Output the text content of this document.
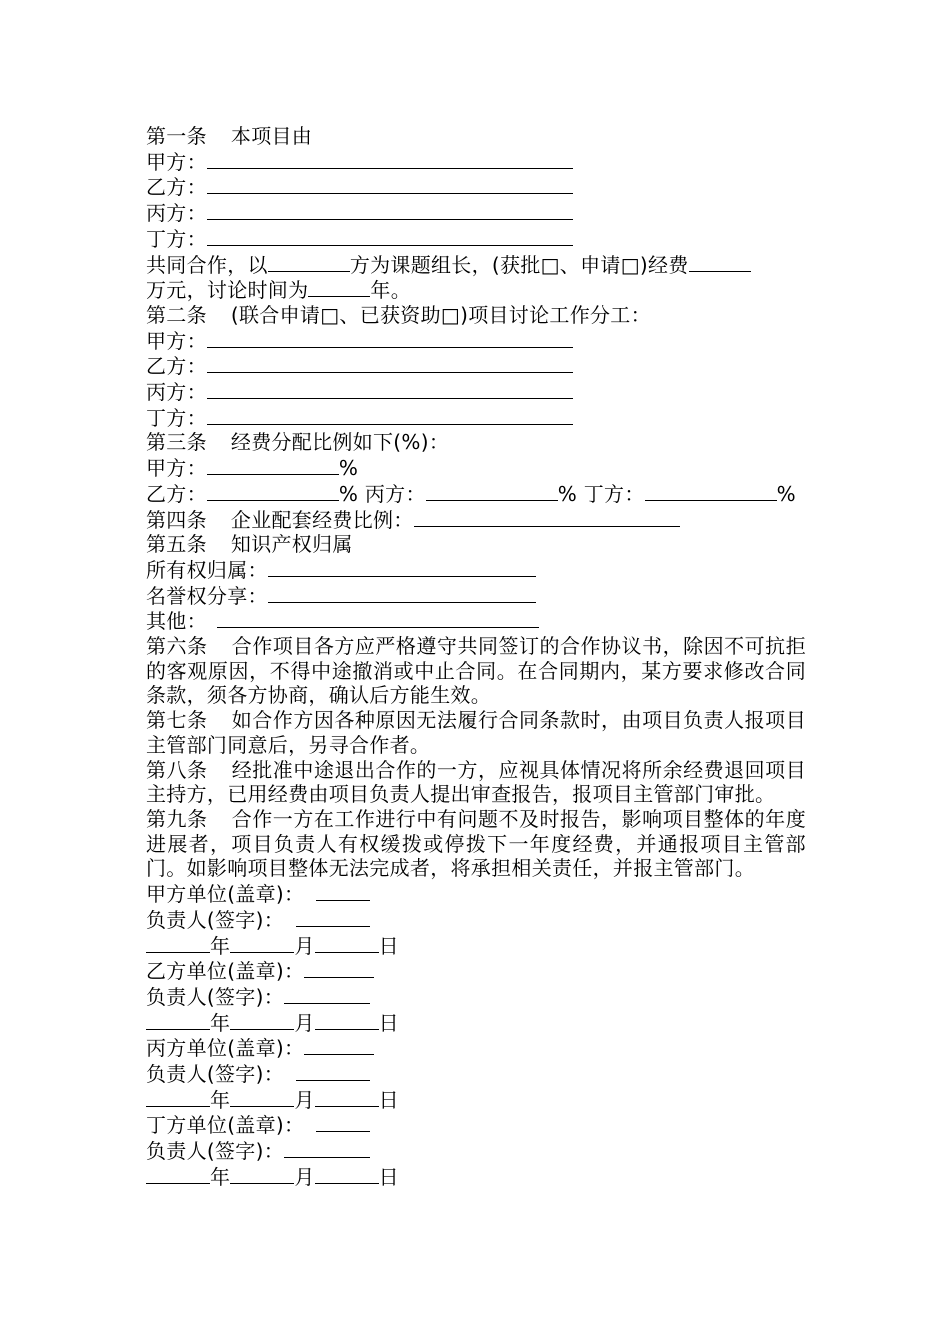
第一条 本项目由
甲方：
乙方：
丙方：
丁方：
共同合作，以	方为课题组长，(获批□、申请□)经费
万元，讨论时间为	年。
第二条 (联合申请□、已获资助□)项目讨论工作分工：
甲方：
乙方：
丙方：
丁方：
第三条 经费分配比例如下(%)：
甲方：	%
乙方：	% 丙方：	% 丁方：	%
第四条 企业配套经费比例：
第五条 知识产权归属
所有权归属：
名誉权分享：
其他：
第六条 合作项目各方应严格遵守共同签订的合作协议书，除因不可抗拒的客观原因，不得中途撤消或中止合同。在合同期内，某方要求修改合同条款，须各方协商，确认后方能生效。
第七条 如合作方因各种原因无法履行合同条款时，由项目负责人报项目主管部门同意后，另寻合作者。
第八条 经批准中途退出合作的一方，应视具体情况将所余经费退回项目主持方，已用经费由项目负责人提出审查报告，报项目主管部门审批。
第九条 合作一方在工作进行中有问题不及时报告，影响项目整体的年度进展者，项目负责人有权缓拨或停拨下一年度经费，并通报项目主管部门。如影响项目整体无法完成者，将承担相关责任，并报主管部门。
甲方单位(盖章)：
负责人(签字)：
年	月	日
乙方单位(盖章)：
负责人(签字)：
年	月	日
丙方单位(盖章)：
负责人(签字)：
年	月	日
丁方单位(盖章)：
负责人(签字)：
年	月	日
